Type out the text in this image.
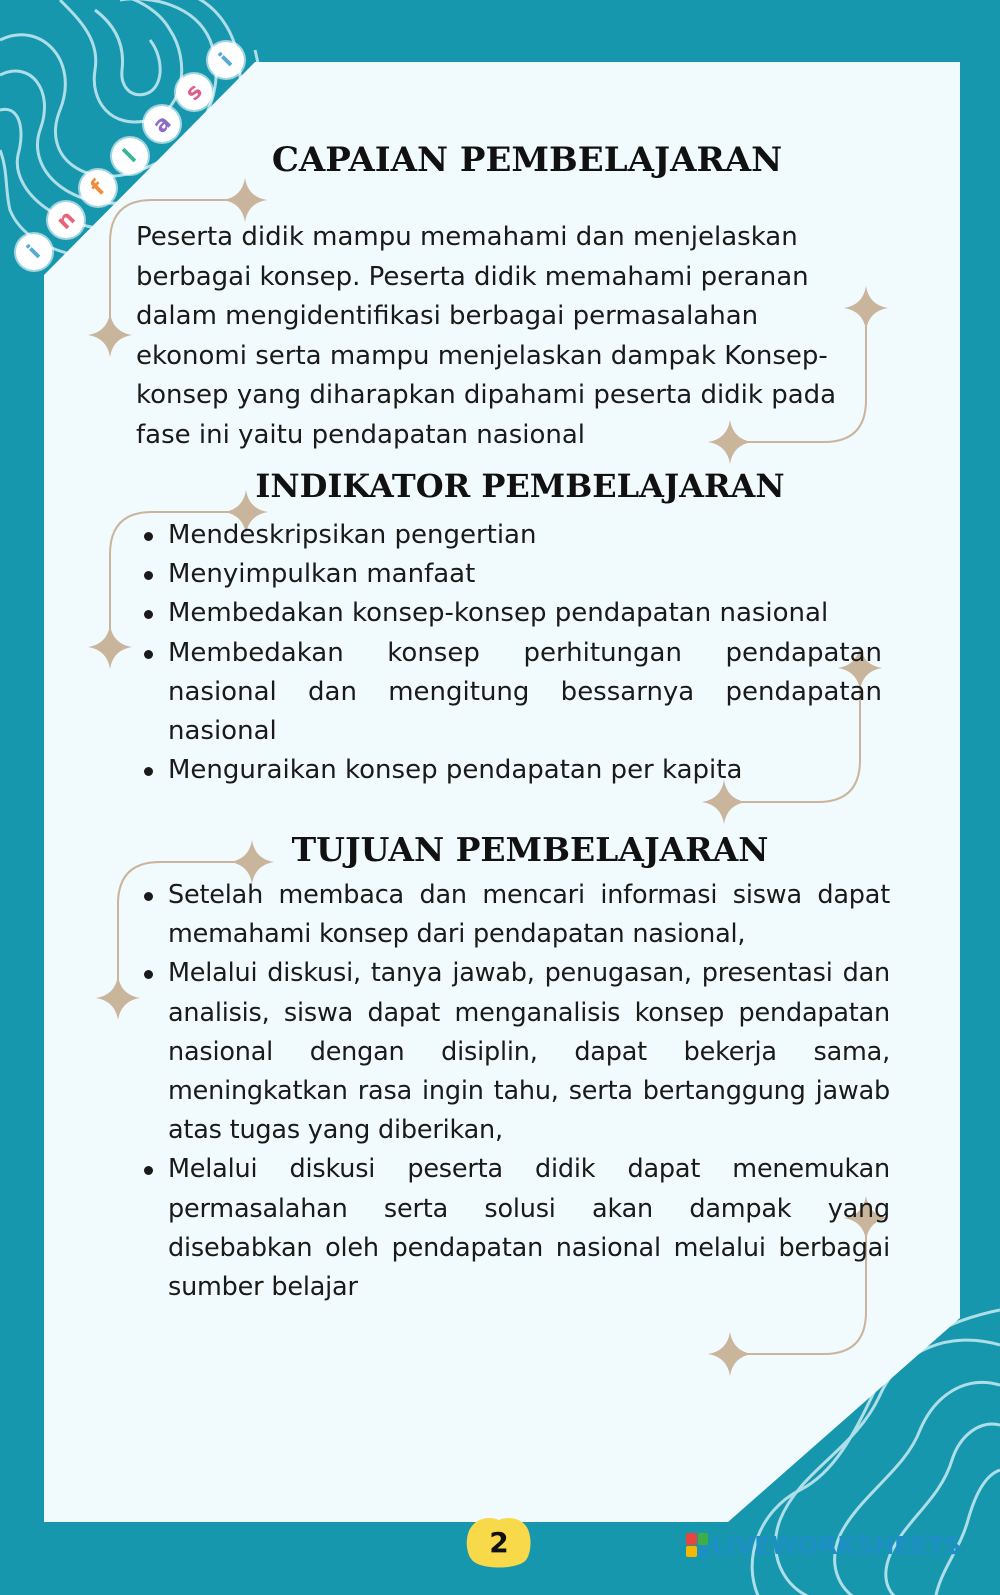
i
n
f
l
a
s
i
CAPAIAN PEMBELAJARAN

Peserta didik mampu memahami dan menjelaskan
berbagai konsep. Peserta didik memahami peranan
dalam mengidentifikasi berbagai permasalahan
ekonomi serta mampu menjelaskan dampak Konsep-
konsep yang diharapkan dipahami peserta didik pada
fase ini yaitu pendapatan nasional

INDIKATOR PEMBELAJARAN
Mendeskripsikan pengertian
Menyimpulkan manfaat
Membedakan konsep-konsep pendapatan nasional
Membedakan konsep perhitungan pendapatan nasional dan mengitung bessarnya pendapatan nasional
Menguraikan konsep pendapatan per kapita
TUJUAN PEMBELAJARAN
Setelah membaca dan mencari informasi siswa dapat memahami konsep dari pendapatan nasional,
Melalui diskusi, tanya jawab, penugasan, presentasi dan analisis, siswa dapat menganalisis konsep pendapatan nasional dengan disiplin, dapat bekerja sama, meningkatkan rasa ingin tahu, serta bertanggung jawab atas tugas yang diberikan,
Melalui diskusi peserta didik dapat menemukan permasalahan serta solusi akan dampak yang disebabkan oleh pendapatan nasional melalui berbagai sumber belajar
2	LIVEWORKSHEETS
